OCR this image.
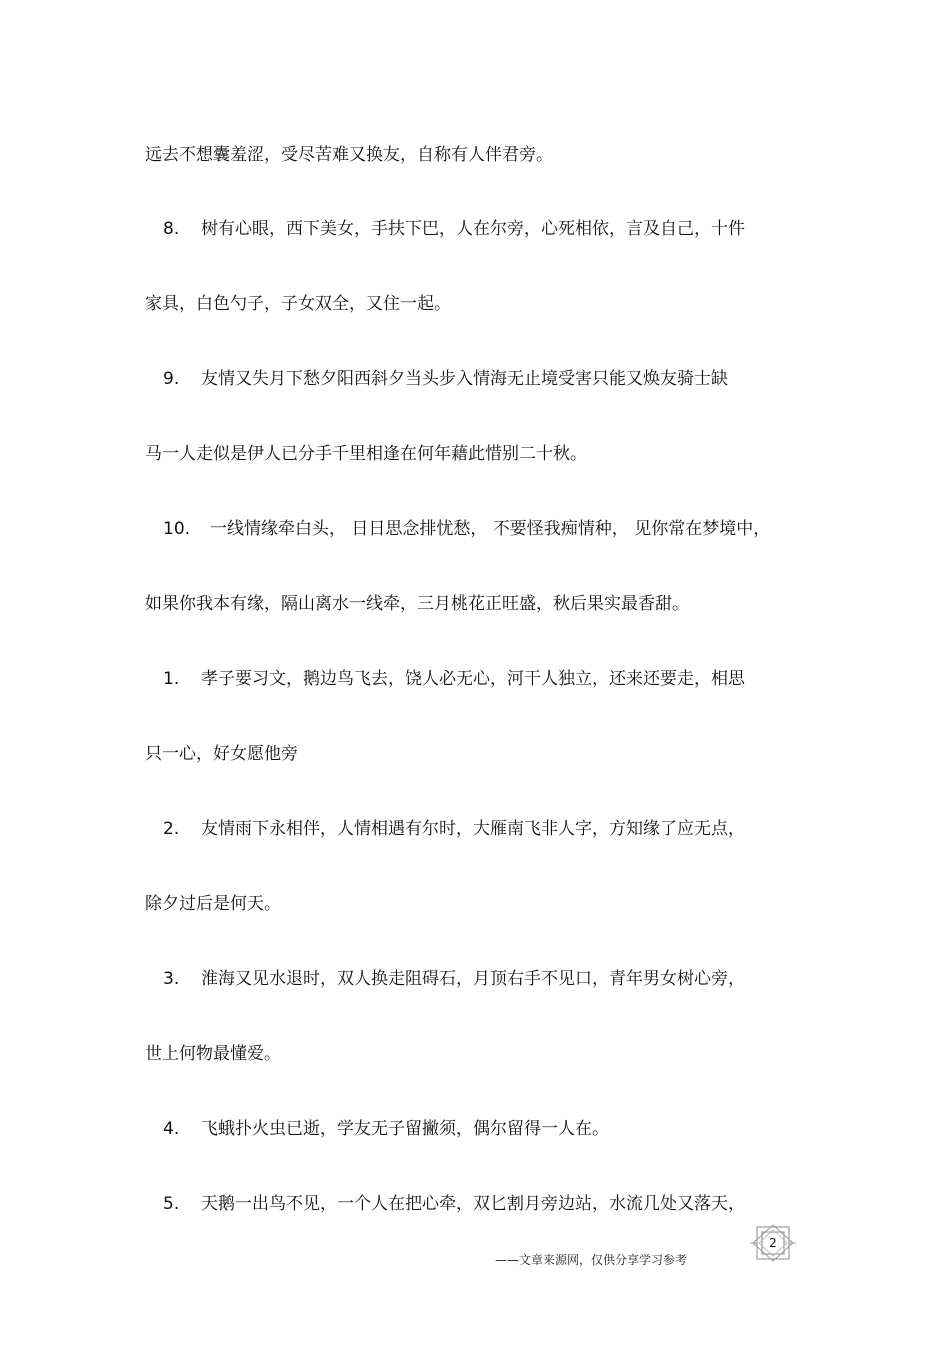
远去不想囊羞涩，受尽苦难又换友，自称有人伴君旁。
8. 树有心眼，西下美女，手扶下巴，人在尔旁，心死相依，言及自己，十件
家具，白色勺子，子女双全，又住一起。
9. 友情又失月下愁夕阳西斜夕当头步入情海无止境受害只能又焕友骑士缺
马一人走似是伊人已分手千里相逢在何年藉此惜别二十秋。
10. 一线情缘牵白头， 日日思念排忧愁， 不要怪我痴情种， 见你常在梦境中，
如果你我本有缘，隔山离水一线牵，三月桃花正旺盛，秋后果实最香甜。
1. 孝子要习文，鹅边鸟飞去，饶人必无心，河干人独立，还来还要走，相思
只一心，好女愿他旁
2. 友情雨下永相伴，人情相遇有尔时，大雁南飞非人字，方知缘了应无点，
除夕过后是何天。
3. 淮海又见水退时，双人换走阻碍石，月顶右手不见口，青年男女树心旁，
世上何物最懂爱。
4. 飞蛾扑火虫已逝，学友无子留撇须，偶尔留得一人在。
5. 天鹅一出鸟不见，一个人在把心牵，双匕割月旁边站，水流几处又落天，
2
——文章来源网，仅供分享学习参考
